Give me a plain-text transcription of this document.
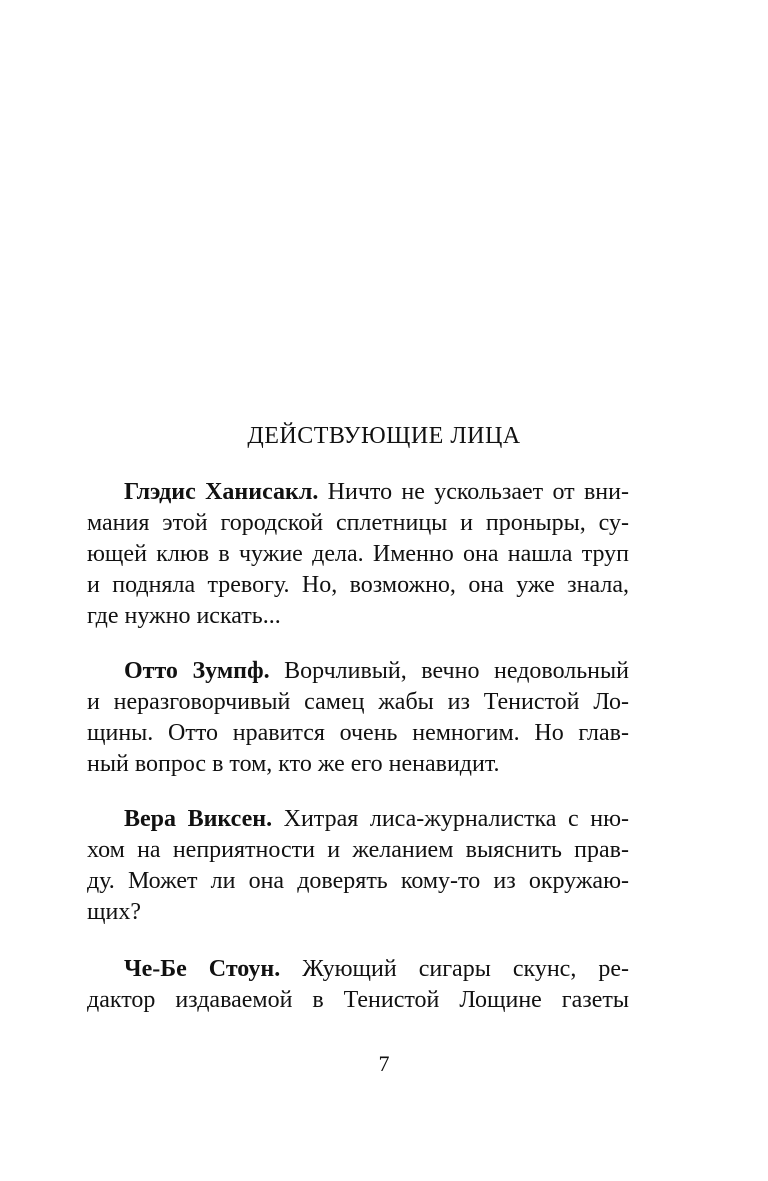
ДЕЙСТВУЮЩИЕ ЛИЦА
Глэдис Ханисакл. Ничто не ускользает от вни-
мания этой городской сплетницы и проныры, су-
ющей клюв в чужие дела. Именно она нашла труп
и подняла тревогу. Но, возможно, она уже знала,
где нужно искать...
Отто Зумпф. Ворчливый, вечно недовольный
и неразговорчивый самец жабы из Тенистой Ло-
щины. Отто нравится очень немногим. Но глав-
ный вопрос в том, кто же его ненавидит.
Вера Виксен. Хитрая лиса-журналистка с ню-
хом на неприятности и желанием выяснить прав-
ду. Может ли она доверять кому-то из окружаю-
щих?
Че-Бе Стоун. Жующий сигары скунс, ре-
дактор издаваемой в Тенистой Лощине газеты
7
